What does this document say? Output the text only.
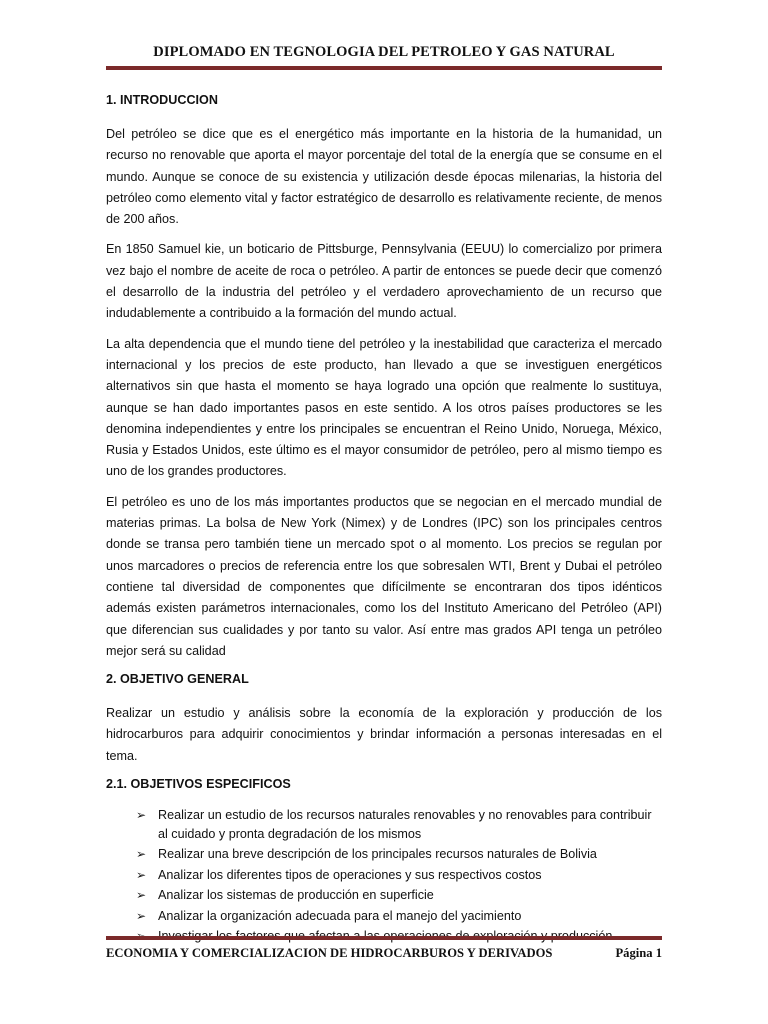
DIPLOMADO EN TEGNOLOGIA DEL PETROLEO Y GAS NATURAL
1. INTRODUCCION

Del petróleo se dice que es el energético más importante en la historia de la humanidad, un recurso no renovable que aporta el mayor porcentaje del total de la energía que se consume en el mundo. Aunque se conoce de su existencia y utilización desde épocas milenarias, la historia del petróleo como elemento vital y factor estratégico de desarrollo es relativamente reciente, de menos de 200 años.

En 1850 Samuel kie, un boticario de Pittsburge, Pennsylvania (EEUU) lo comercializo por primera vez bajo el nombre de aceite de roca o petróleo. A partir de entonces se puede decir que comenzó el desarrollo de la industria del petróleo y el verdadero aprovechamiento de un recurso que indudablemente a contribuido a la formación del mundo actual.

La alta dependencia que el mundo tiene del petróleo y la inestabilidad que caracteriza el mercado internacional y los precios de este producto, han llevado a que se investiguen energéticos alternativos sin que hasta el momento se haya logrado una opción que realmente lo sustituya, aunque se han dado importantes pasos en este sentido. A los otros países productores se les denomina independientes y entre los principales se encuentran el Reino Unido, Noruega, México, Rusia y Estados Unidos, este último es el mayor consumidor de petróleo, pero al mismo tiempo es uno de los grandes productores.

El petróleo es uno de los más importantes productos que se negocian en el mercado mundial de materias primas. La bolsa de New York (Nimex) y de Londres (IPC) son los principales centros donde se transa pero también tiene un mercado spot o al momento. Los precios se regulan por unos marcadores o precios de referencia entre los que sobresalen WTI, Brent y Dubai el petróleo contiene tal diversidad de componentes que difícilmente se encontraran dos tipos idénticos además existen parámetros internacionales, como los del Instituto Americano del Petróleo (API) que diferencian sus cualidades y por tanto su valor. Así entre mas grados API tenga un petróleo mejor será su calidad

2. OBJETIVO GENERAL

Realizar un estudio y análisis sobre la economía de la exploración y producción de los hidrocarburos para adquirir conocimientos y brindar información a personas interesadas en el tema.

2.1. OBJETIVOS ESPECIFICOS
➢ Realizar un estudio de los recursos naturales renovables y no renovables para contribuir al cuidado y pronta degradación de los mismos
➢ Realizar una breve descripción de los principales recursos naturales de Bolivia
➢ Analizar los diferentes tipos de operaciones y sus respectivos costos
➢ Analizar los sistemas de producción en superficie
➢ Analizar la organización adecuada para el manejo del yacimiento
ECONOMIA Y COMERCIALIZACION DE HIDROCARBUROS Y DERIVADOS	Página 1
